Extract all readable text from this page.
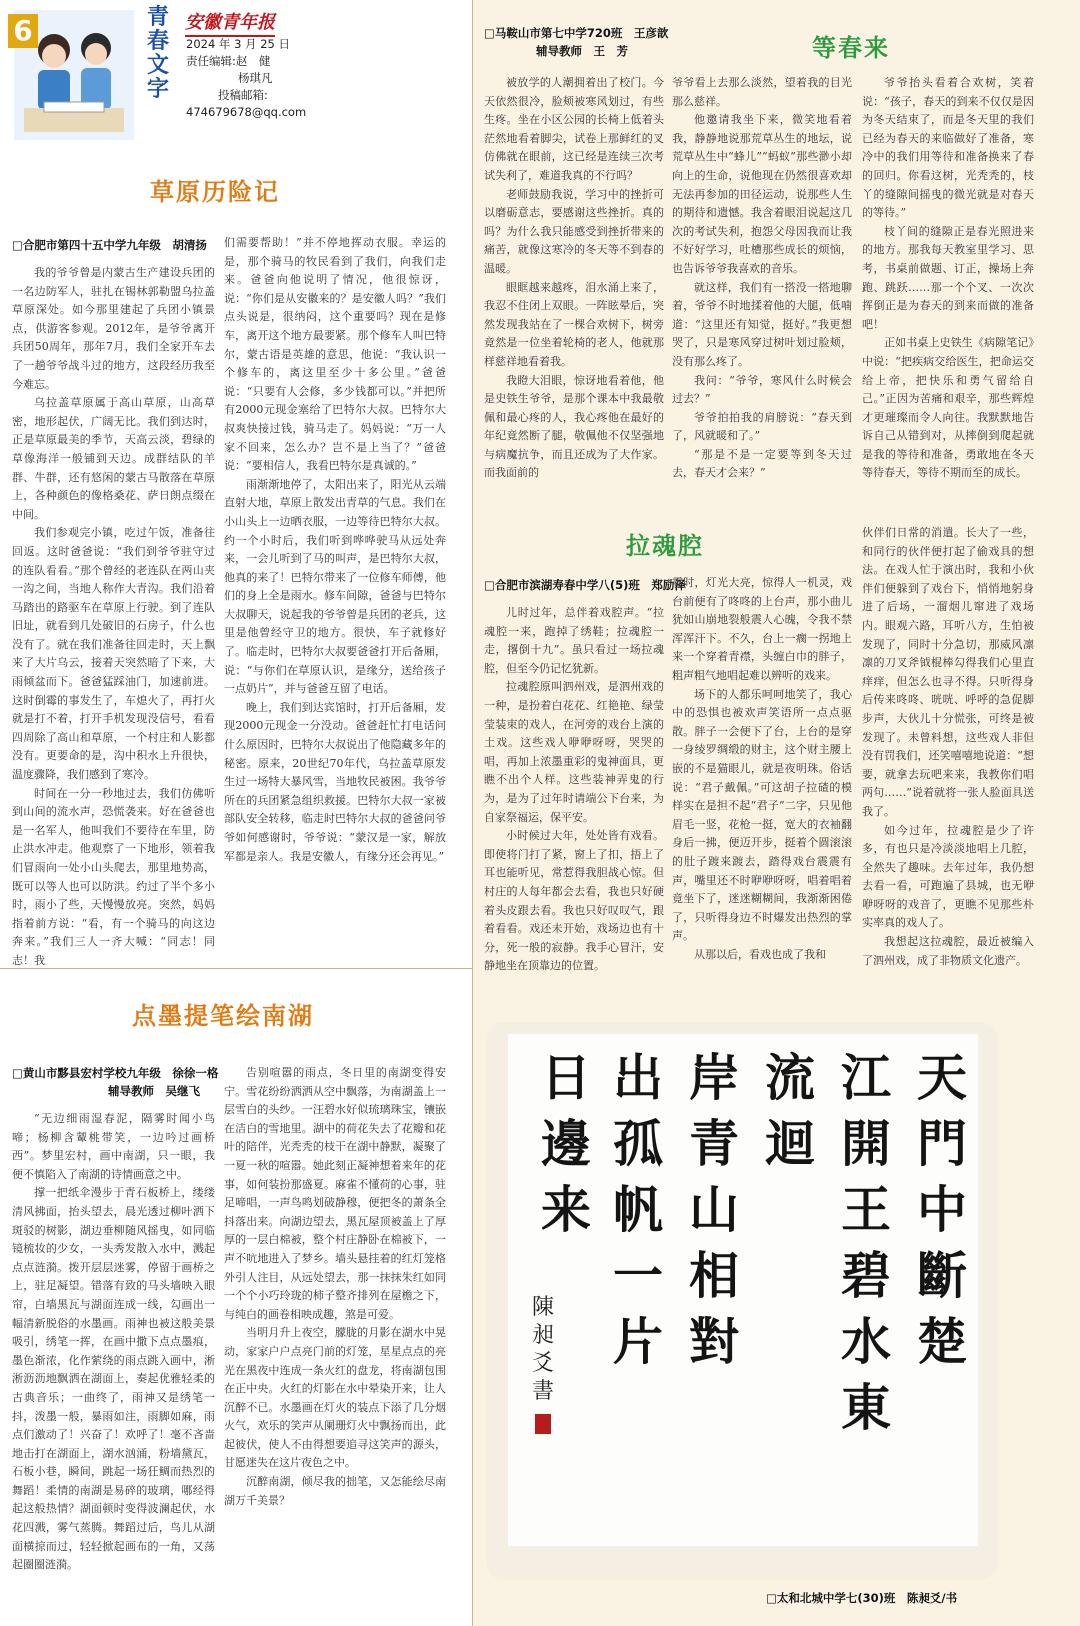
6	青春文字
安徽青年报
2024 年 3 月 25 日
责任编辑:赵　健
杨琪凡
投稿邮箱:
474679678@qq.com
草原历险记
□合肥市第四十五中学九年级　胡清扬

我的爷爷曾是内蒙古生产建设兵团的一名边防军人，驻扎在锡林郭勒盟乌拉盖草原深处。如今那里建起了兵团小镇景点，供游客参观。2012年，是爷爷离开兵团50周年，那年7月，我们全家开车去了一趟爷爷战斗过的地方，这段经历我至今难忘。

乌拉盖草原属于高山草原，山高草密，地形起伏，广阔无比。我们到达时，正是草原最美的季节，天高云淡，碧绿的草像海洋一般铺到天边。成群结队的羊群、牛群，还有悠闲的蒙古马散落在草原上，各种颜色的像格桑花、萨日朗点缀在中间。

我们参观完小镇，吃过午饭，准备往回返。这时爸爸说：“我们到爷爷驻守过的连队看看。”那个曾经的老连队在两山夹一沟之间，当地人称作大青沟。我们沿着马踏出的路驱车在草原上行驶。到了连队旧址，就看到几处破旧的石房子，什么也没有了。就在我们准备往回走时，天上飘来了大片乌云，接着天突然暗了下来，大雨倾盆而下。爸爸猛踩油门，加速前进。这时倒霉的事发生了，车熄火了，再打火就是打不着，打开手机发现没信号，看看四周除了高山和草原，一个村庄和人影都没有。更要命的是，沟中积水上升很快，温度骤降，我们感到了寒冷。

时间在一分一秒地过去，我们仿佛听到山间的流水声，恐慌袭来。好在爸爸也是一名军人，他叫我们不要待在车里，防止洪水冲走。他观察了一下地形，领着我们冒雨向一处小山头爬去，那里地势高，既可以等人也可以防洪。约过了半个多小时，雨小了些，天慢慢放亮。突然，妈妈指着前方说：“看，有一个骑马的向这边奔来。”我们三人一齐大喊：“同志！同志！我

们需要帮助！”并不停地挥动衣服。幸运的是，那个骑马的牧民看到了我们，向我们走来。爸爸向他说明了情况，他很惊讶，说：“你们是从安徽来的？是安徽人吗？”我们点头说是，很纳闷，这个重要吗？现在是修车，离开这个地方最要紧。那个修车人叫巴特尔，蒙古语是英雄的意思，他说：“我认识一个修车的，离这里至少十多公里。”爸爸说：“只要有人会修，多少钱都可以。”并把所有2000元现金塞给了巴特尔大叔。巴特尔大叔爽快接过钱，骑马走了。妈妈说：“万一人家不回来，怎么办？岂不是上当了？”爸爸说：“要相信人，我看巴特尔是真诚的。”

雨渐渐地停了，太阳出来了，阳光从云端直射大地，草原上散发出青草的气息。我们在小山头上一边晒衣服，一边等待巴特尔大叔。约一个小时后，我们听到哗哗驶马从远处奔来，一会儿听到了马的叫声，是巴特尔大叔，他真的来了！巴特尔带来了一位修车师傅，他们的身上全是雨水。修车间隙，爸爸与巴特尔大叔聊天，说起我的爷爷曾是兵团的老兵，这里是他曾经守卫的地方。很快，车子就修好了。临走时，巴特尔大叔要爸爸打开后备厢，说：“与你们在草原认识，是缘分，送给孩子一点奶片”，并与爸爸互留了电话。

晚上，我们到达宾馆时，打开后备厢，发现2000元现金一分没动。爸爸赶忙打电话问什么原因时，巴特尔大叔说出了他隐藏多年的秘密。原来，20世纪70年代，乌拉盖草原发生过一场特大暴风雪，当地牧民被困。我爷爷所在的兵团紧急组织救援。巴特尔大叔一家被部队安全转移，临走时巴特尔大叔的爸爸问爷爷如何感谢时，爷爷说：“蒙汉是一家，解放军都是亲人。我是安徽人，有缘分还会再见。”

点墨提笔绘南湖
□黄山市黟县宏村学校九年级　徐徐一格
辅导教师　吴继飞

“无边细雨湿春泥，隔雾时闻小鸟啼；杨柳含颦桃带笑，一边吟过画桥西”。梦里宏村，画中南湖，只一眼，我便不慎陷入了南湖的诗情画意之中。

撑一把纸伞漫步于青石板桥上，缕缕清风拂面，抬头望去，晨光透过柳叶洒下斑驳的树影，湖边垂柳随风摇曳，如同临镜梳妆的少女，一头秀发散入水中，溅起点点涟漪。拨开层层迷雾，停留于画桥之上，驻足凝望。错落有致的马头墙映入眼帘，白墙黑瓦与湖面连成一线，勾画出一幅清新脱俗的水墨画。雨神也被这般美景吸引，绣笔一挥，在画中撒下点点墨痕，墨色渐浓，化作萦绕的雨点跳入画中，淅淅沥沥地飘洒在湖面上，奏起优雅轻柔的古典音乐；一曲终了，雨神又是绣笔一抖，泼墨一般，暴雨如注，雨脚如麻，雨点们激动了！兴奋了！欢呼了！毫不吝啬地击打在湖面上，湖水汹涌，粉墙黛瓦，石板小巷，瞬间，跳起一场狂鲷而热烈的舞蹈！柔情的南湖是易碎的玻璃，哪经得起这般热情？湖面顿时变得波澜起伏，水花四溅，雾气蒸腾。舞蹈过后，鸟儿从湖面横掠而过，轻轻掀起画布的一角，又荡起圈圈涟漪。

告别喧嚣的雨点，冬日里的南湖变得安宁。雪花纷纷洒洒从空中飘落，为南湖盖上一层雪白的头纱。一汪碧水好似琉璃珠宝，镶嵌在洁白的雪地里。湖中的荷花失去了花瓣和花叶的陪伴，光秃秃的枝干在湖中静默，凝聚了一夏一秋的喧嚣。她此刻正凝神想着来年的花事，如何装扮那盛夏。麻雀不懂荷的心事，驻足啼唱，一声鸟鸣划破静穆，便把冬的萧条全抖落出来。向湖边望去，黑瓦屋顶被盖上了厚厚的一层白棉被，整个村庄静卧在棉被下，一声不吭地进入了梦乡。墙头悬挂着的红灯笼格外引人注目，从远处望去，那一抹抹朱红如同一个个小巧玲珑的柿子整齐排列在屋檐之下，与纯白的画卷相映成趣，煞是可爱。

当明月升上夜空，朦胧的月影在湖水中晃动，家家户户点亮门前的灯笼，星星点点的亮光在黑夜中连成一条火红的盘龙，将南湖包围在正中央。火红的灯影在水中晕染开来，让人沉醉不已。水墨画在灯火的装点下添了几分烟火气，欢乐的笑声从阑珊灯火中飘扬而出，此起彼伏，使人不由得想要追寻这笑声的源头，甘愿迷失在这片夜色之中。

沉醉南湖，倾尽我的拙笔，又怎能绘尽南湖万千美景？

□马鞍山市第七中学720班　王彦歆
辅导教师　王　芳	等春来

被放学的人潮拥着出了校门。今天依然很冷，脸颊被寒风划过，有些生疼。坐在小区公园的长椅上低着头茫然地看着脚尖，试卷上那鲜红的叉仿佛就在眼前，这已经是连续三次考试失利了，难道我真的不行吗？

老师鼓励我说，学习中的挫折可以磨砺意志，要感谢这些挫折。真的吗？为什么我只能感受到挫折带来的痛苦，就像这寒冷的冬天等不到春的温暖。

眼眶越来越疼，泪水涌上来了，我忍不住闭上双眼。一阵眩晕后，突然发现我站在了一棵合欢树下，树旁竟然是一位坐着轮椅的老人，他就那样慈祥地看着我。

我瞪大泪眼，惊讶地看着他，他是史铁生爷爷，是那个课本中我最敬佩和最心疼的人，我心疼他在最好的年纪竟然断了腿，敬佩他不仅坚强地与病魔抗争，而且还成为了大作家。而我面前的

爷爷看上去那么淡然，望着我的目光那么慈祥。

他邀请我坐下来，微笑地看着我，静静地说那荒草丛生的地坛，说荒草丛生中“蜂儿”“蚂蚁”那些渺小却向上的生命，说他现在仍然很喜欢却无法再参加的田径运动，说那些人生的期待和遗憾。我含着眼泪说起这几次的考试失利，抱怨父母因我而让我不好好学习，吐槽那些成长的烦恼，也告诉爷爷我喜欢的音乐。

就这样，我们有一搭没一搭地聊着，爷爷不时地揉着他的大腿，低喃道：“这里还有知觉，挺好。”我更想哭了，只是寒风穿过树叶划过脸颊，没有那么疼了。

我问：“爷爷，寒风什么时候会过去？”

爷爷拍拍我的肩膀说：“春天到了，风就暖和了。”

“那是不是一定要等到冬天过去，春天才会来？”

爷爷抬头看着合欢树，笑着说：“孩子，春天的到来不仅仅是因为冬天结束了，而是冬天里的我们已经为春天的来临做好了准备，寒冷中的我们用等待和准备换来了春的回归。你看这树，光秃秃的，枝丫的缝隙间摇曳的微光就是对春天的等待。”

枝丫间的缝隙正是春光照进来的地方。那我每天教室里学习、思考，书桌前做题、订正，操场上奔跑、跳跃……那一个个叉、一次次挥倒正是为春天的到来而做的准备吧！

正如书桌上史铁生《病隙笔记》中说：“把疾病交给医生，把命运交给上帝，把快乐和勇气留给自己。”正因为苦痛和艰辛，那些辉煌才更璀璨而令人向往。我默默地告诉自己从错到对，从摔倒到爬起就是我的等待和准备，勇敢地在冬天等待春天，等待不期而至的成长。

拉魂腔
□合肥市滨湖寿春中学八(5)班　郑励泽

儿时过年，总伴着戏腔声。“拉魂腔一来，跑掉了绣鞋；拉魂腔一走，撂倒十九”。虽只看过一场拉魂腔，但至今仍记忆犹新。

拉魂腔原叫泗州戏，是泗州戏的一种，是扮着白花花、红艳艳、绿莹莹装束的戏人，在河旁的戏台上演的土戏。这些戏人咿咿呀呀，哭哭的唱，再加上浓墨重彩的鬼神面具，更瞧不出个人样。这些装神弄鬼的行为，是为了过年时请端公下台来，为自家祭福运，保平安。

小时候过大年，处处皆有戏看。即使将门打了紧，窗上了扣，捂上了耳也能听见，常惹得我胆战心惊。但村庄的人每年都会去看，我也只好硬着头皮跟去看。我也只好叹叹气，跟着看看。戏还未开始，戏场边也有十分，死一般的寂静。我手心冒汗，安静地坐在顶靠边的位置。

霎时，灯光大亮，惊得人一机灵，戏台前便有了咚咚的上台声，那小曲儿犹如山崩地裂般震人心魄，令我不禁浑浑汗下。不久，台上一瘸一拐地上来一个穿着青襟，头缠白巾的胖子，粗声粗气地唱起难以辨听的戏来。

场下的人都乐呵呵地笑了，我心中的恐惧也被欢声笑语所一点点驱散。胖子一会便下了台，上台的是穿一身绫罗绸缎的财主，这个财主腰上嵌的不是猫眼儿，就是夜明珠。俗话说：“君子戴佩。”可这胡子拉碴的模样实在是担不起“君子”二字，只见他眉毛一竖，花枪一挺，宽大的衣袖翻身后一拂，便迈开步，挺着个圆滚滚的肚子踱来踱去，踏得戏台震震有声，嘴里还不时咿咿呀呀，唱着唱着竟坐下了，迷迷糊糊间，我渐渐困倦了，只听得身边不时爆发出热烈的掌声。

从那以后，看戏也成了我和

伙伴们日常的消遣。长大了一些，和同行的伙伴便打起了偷戏具的想法。在戏人忙于演出时，我和小伙伴们便躲到了戏台下，悄悄地躬身进了后场，一溜烟儿窜进了戏场内。眼观六路，耳听八方，生怕被发现了，同时十分急切，那威风凛凛的刀叉斧钺棍棒勾得我们心里直痒痒，但怎么也寻不得。只听得身后传来咚咚、咣咣、呼呼的急促脚步声，大伙儿十分慌张，可终是被发现了。未曾料想，这些戏人非但没有罚我们，还笑嘻嘻地说道：“想要，就拿去玩吧来来，我教你们唱两句……”说着就将一张人脸面具送我了。

如今过年，拉魂腔是少了许多，有也只是冷淡淡地唱上几腔，全然失了趣味。去年过年，我仍想去看一看，可跑遍了县城，也无咿咿呀呀的戏音了，更瞧不见那些朴实率真的戏人了。

我想起这拉魂腔，最近被编入了泗州戏，成了非物质文化遗产。

天
門
中
斷
楚
江
開
王
碧
水
東
流
迴
岸
青
山
相
對
出
孤
帆
一
片
日
邊
来
陳
昶
爻
書
□太和北城中学七(30)班　陈昶爻/书
